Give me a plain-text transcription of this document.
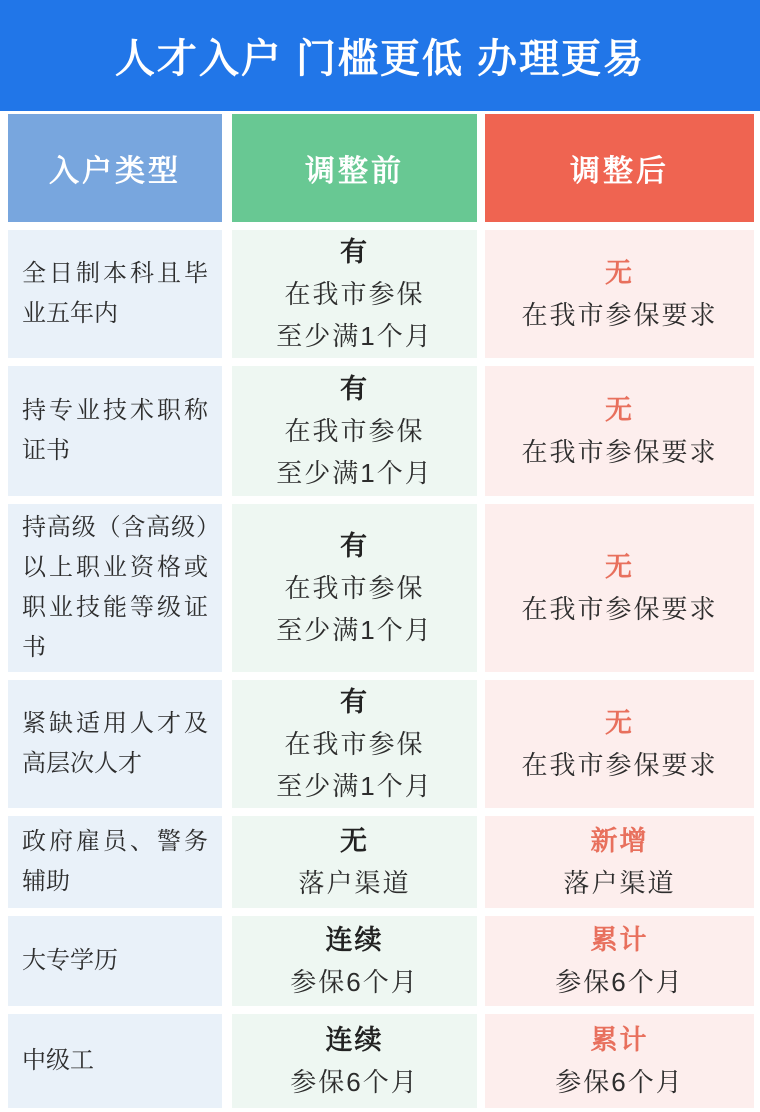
人才入户 门槛更低 办理更易
入户类型	调整前	调整后
全日制本科且毕业五年内
有
在我市参保
至少满1个月
无
在我市参保要求
持专业技术职称证书
有
在我市参保
至少满1个月
无
在我市参保要求
持高级（含高级）以上职业资格或职业技能等级证书
有
在我市参保
至少满1个月
无
在我市参保要求
紧缺适用人才及高层次人才
有
在我市参保
至少满1个月
无
在我市参保要求
政府雇员、警务辅助
无
落户渠道
新增
落户渠道
大专学历
连续
参保6个月
累计
参保6个月
中级工
连续
参保6个月
累计
参保6个月
